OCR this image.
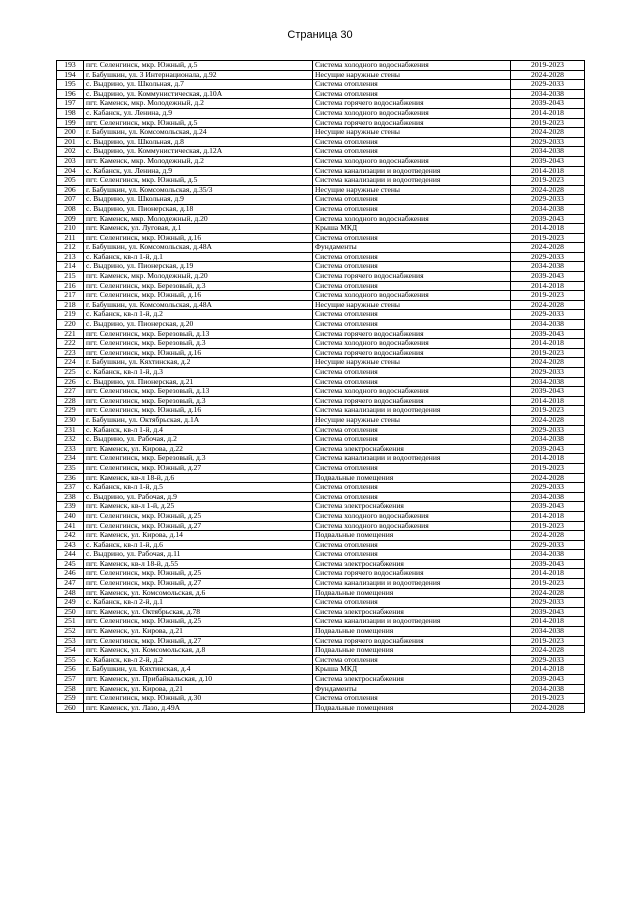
Страница 30
193	пгт. Селенгинск, мкр. Южный, д.5	Система холодного водоснабжения	2019-2023
194	г. Бабушкин, ул. 3 Интернационала, д.92	Несущие наружные стены	2024-2028
195	с. Выдрино, ул. Школьная, д.7	Система отопления	2029-2033
196	с. Выдрино, ул. Коммунистическая, д.10А	Система отопления	2034-2038
197	пгт. Каменск, мкр. Молодежный, д.2	Система горячего водоснабжения	2039-2043
198	с. Кабанск, ул. Ленина, д.9	Система холодного водоснабжения	2014-2018
199	пгт. Селенгинск, мкр. Южный, д.5	Система горячего водоснабжения	2019-2023
200	г. Бабушкин, ул. Комсомольская, д.24	Несущие наружные стены	2024-2028
201	с. Выдрино, ул. Школьная, д.8	Система отопления	2029-2033
202	с. Выдрино, ул. Коммунистическая, д.12А	Система отопления	2034-2038
203	пгт. Каменск, мкр. Молодежный, д.2	Система холодного водоснабжения	2039-2043
204	с. Кабанск, ул. Ленина, д.9	Система канализации и водоотведения	2014-2018
205	пгт. Селенгинск, мкр. Южный, д.5	Система канализации и водоотведения	2019-2023
206	г. Бабушкин, ул. Комсомольская, д.35/3	Несущие наружные стены	2024-2028
207	с. Выдрино, ул. Школьная, д.9	Система отопления	2029-2033
208	с. Выдрино, ул. Пионерская, д.18	Система отопления	2034-2038
209	пгт. Каменск, мкр. Молодежный, д.20	Система холодного водоснабжения	2039-2043
210	пгт. Каменск, ул. Луговая, д.1	Крыша МКД	2014-2018
211	пгт. Селенгинск, мкр. Южный, д.16	Система отопления	2019-2023
212	г. Бабушкин, ул. Комсомольская, д.48А	Фундаменты	2024-2028
213	с. Кабанск, кв-л 1-й, д.1	Система отопления	2029-2033
214	с. Выдрино, ул. Пионерская, д.19	Система отопления	2034-2038
215	пгт. Каменск, мкр. Молодежный, д.20	Система горячего водоснабжения	2039-2043
216	пгт. Селенгинск, мкр. Березовый, д.3	Система отопления	2014-2018
217	пгт. Селенгинск, мкр. Южный, д.16	Система холодного водоснабжения	2019-2023
218	г. Бабушкин, ул. Комсомольская, д.48А	Несущие наружные стены	2024-2028
219	с. Кабанск, кв-л 1-й, д.2	Система отопления	2029-2033
220	с. Выдрино, ул. Пионерская, д.20	Система отопления	2034-2038
221	пгт. Селенгинск, мкр. Березовый, д.13	Система горячего водоснабжения	2039-2043
222	пгт. Селенгинск, мкр. Березовый, д.3	Система холодного водоснабжения	2014-2018
223	пгт. Селенгинск, мкр. Южный, д.16	Система горячего водоснабжения	2019-2023
224	г. Бабушкин, ул. Кяхтинская, д.2	Несущие наружные стены	2024-2028
225	с. Кабанск, кв-л 1-й, д.3	Система отопления	2029-2033
226	с. Выдрино, ул. Пионерская, д.21	Система отопления	2034-2038
227	пгт. Селенгинск, мкр. Березовый, д.13	Система холодного водоснабжения	2039-2043
228	пгт. Селенгинск, мкр. Березовый, д.3	Система горячего водоснабжения	2014-2018
229	пгт. Селенгинск, мкр. Южный, д.16	Система канализации и водоотведения	2019-2023
230	г. Бабушкин, ул. Октябрьская, д.1А	Несущие наружные стены	2024-2028
231	с. Кабанск, кв-л 1-й, д.4	Система отопления	2029-2033
232	с. Выдрино, ул. Рабочая, д.2	Система отопления	2034-2038
233	пгт. Каменск, ул. Кирова, д.22	Система электроснабжения	2039-2043
234	пгт. Селенгинск, мкр. Березовый, д.3	Система канализации и водоотведения	2014-2018
235	пгт. Селенгинск, мкр. Южный, д.27	Система отопления	2019-2023
236	пгт. Каменск, кв-л 18-й, д.6	Подвальные помещения	2024-2028
237	с. Кабанск, кв-л 1-й, д.5	Система отопления	2029-2033
238	с. Выдрино, ул. Рабочая, д.9	Система отопления	2034-2038
239	пгт. Каменск, кв-л 1-й, д.25	Система электроснабжения	2039-2043
240	пгт. Селенгинск, мкр. Южный, д.25	Система холодного водоснабжения	2014-2018
241	пгт. Селенгинск, мкр. Южный, д.27	Система холодного водоснабжения	2019-2023
242	пгт. Каменск, ул. Кирова, д.14	Подвальные помещения	2024-2028
243	с. Кабанск, кв-л 1-й, д.6	Система отопления	2029-2033
244	с. Выдрино, ул. Рабочая, д.11	Система отопления	2034-2038
245	пгт. Каменск, кв-л 18-й, д.55	Система электроснабжения	2039-2043
246	пгт. Селенгинск, мкр. Южный, д.25	Система горячего водоснабжения	2014-2018
247	пгт. Селенгинск, мкр. Южный, д.27	Система канализации и водоотведения	2019-2023
248	пгт. Каменск, ул. Комсомольская, д.6	Подвальные помещения	2024-2028
249	с. Кабанск, кв-л 2-й, д.1	Система отопления	2029-2033
250	пгт. Каменск, ул. Октябрьская, д.78	Система электроснабжения	2039-2043
251	пгт. Селенгинск, мкр. Южный, д.25	Система канализации и водоотведения	2014-2018
252	пгт. Каменск, ул. Кирова, д.21	Подвальные помещения	2034-2038
253	пгт. Селенгинск, мкр. Южный, д.27	Система горячего водоснабжения	2019-2023
254	пгт. Каменск, ул. Комсомольская, д.8	Подвальные помещения	2024-2028
255	с. Кабанск, кв-л 2-й, д.2	Система отопления	2029-2033
256	г. Бабушкин, ул. Кяхтинская, д.4	Крыша МКД	2014-2018
257	пгт. Каменск, ул. Прибайкальская, д.10	Система электроснабжения	2039-2043
258	пгт. Каменск, ул. Кирова, д.21	Фундаменты	2034-2038
259	пгт. Селенгинск, мкр. Южный, д.30	Система отопления	2019-2023
260	пгт. Каменск, ул. Лазо, д.49А	Подвальные помещения	2024-2028
